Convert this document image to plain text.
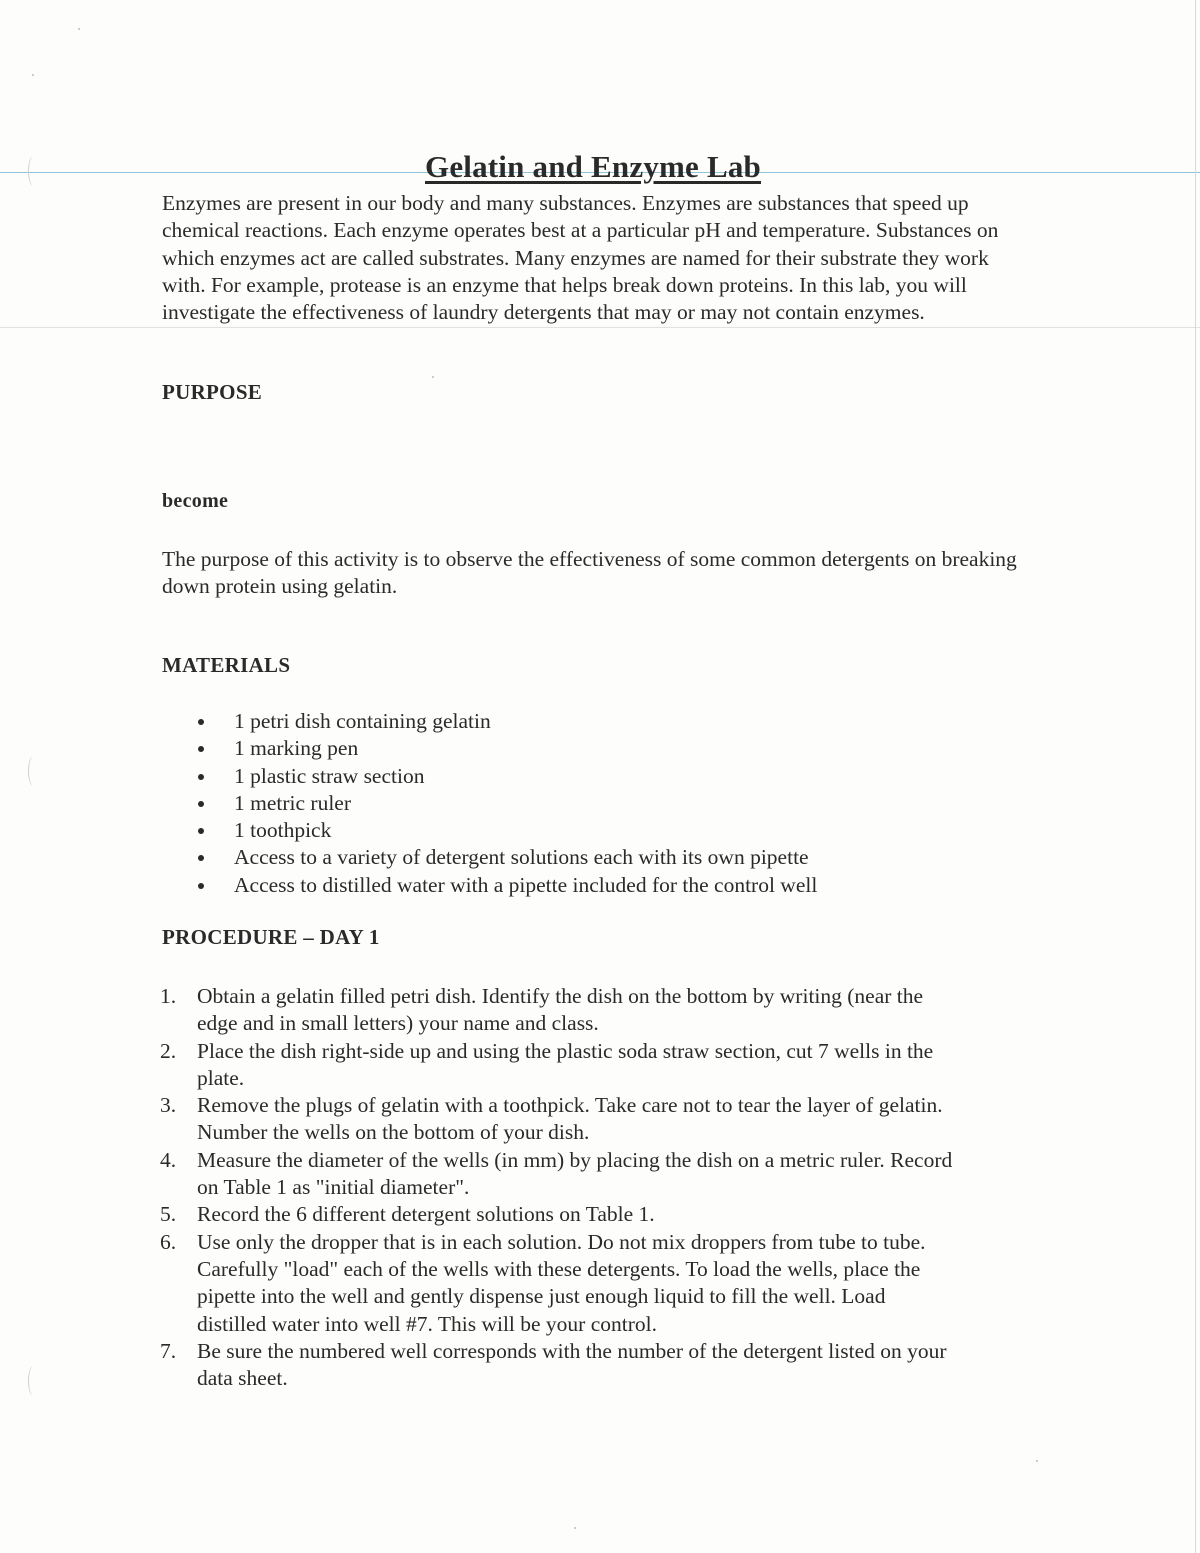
Gelatin and Enzyme Lab

Enzymes are present in our body and many substances. Enzymes are substances that speed up chemical reactions. Each enzyme operates best at a particular pH and temperature. Substances on which enzymes act are called substrates. Many enzymes are named for their substrate they work with. For example, protease is an enzyme that helps break down proteins. In this lab, you will investigate the effectiveness of laundry detergents that may or may not contain enzymes.

PURPOSE
become

The purpose of this activity is to observe the effectiveness of some common detergents on breaking down protein using gelatin.

MATERIALS
1 petri dish containing gelatin
1 marking pen
1 plastic straw section
1 metric ruler
1 toothpick
Access to a variety of detergent solutions each with its own pipette
Access to distilled water with a pipette included for the control well
PROCEDURE – DAY 1
1. Obtain a gelatin filled petri dish. Identify the dish on the bottom by writing (near the edge and in small letters) your name and class.
2. Place the dish right-side up and using the plastic soda straw section, cut 7 wells in the plate.
3. Remove the plugs of gelatin with a toothpick. Take care not to tear the layer of gelatin. Number the wells on the bottom of your dish.
4. Measure the diameter of the wells (in mm) by placing the dish on a metric ruler. Record on Table 1 as "initial diameter".
5. Record the 6 different detergent solutions on Table 1.
6. Use only the dropper that is in each solution. Do not mix droppers from tube to tube. Carefully "load" each of the wells with these detergents. To load the wells, place the pipette into the well and gently dispense just enough liquid to fill the well. Load distilled water into well #7. This will be your control.
7. Be sure the numbered well corresponds with the number of the detergent listed on your data sheet.
